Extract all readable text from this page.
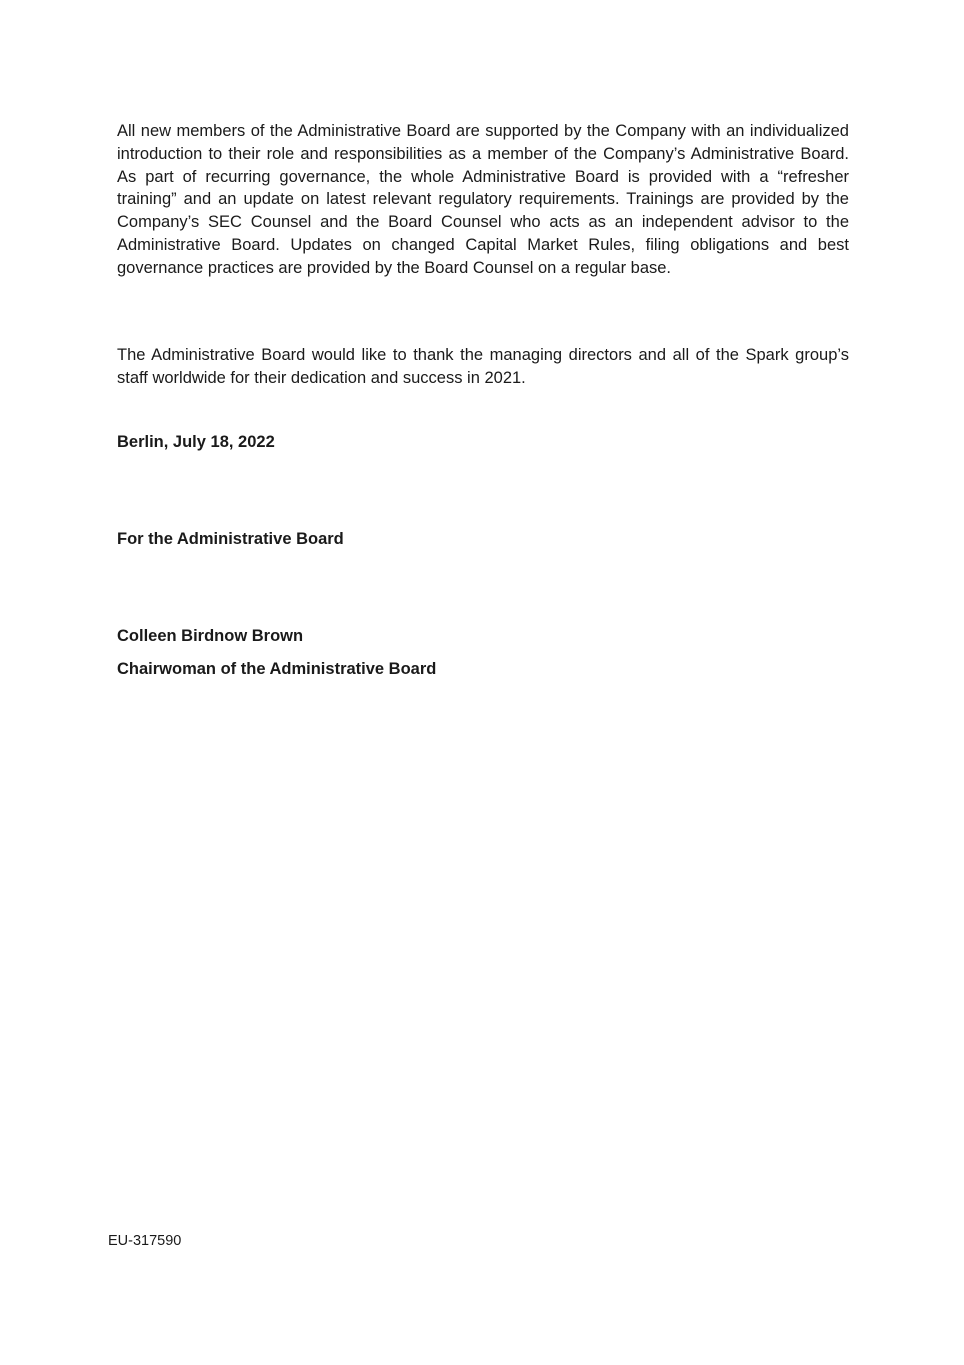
All new members of the Administrative Board are supported by the Company with an individualized introduction to their role and responsibilities as a member of the Company’s Administrative Board. As part of recurring governance, the whole Administrative Board is provided with a “refresher training” and an update on latest relevant regulatory requirements. Trainings are provided by the Company’s SEC Counsel and the Board Counsel who acts as an independent advisor to the Administrative Board. Updates on changed Capital Market Rules, filing obligations and best governance practices are provided by the Board Counsel on a regular base.

The Administrative Board would like to thank the managing directors and all of the Spark group’s staff worldwide for their dedication and success in 2021.

Berlin, July 18, 2022

For the Administrative Board

Colleen Birdnow Brown

Chairwoman of the Administrative Board

EU-317590
